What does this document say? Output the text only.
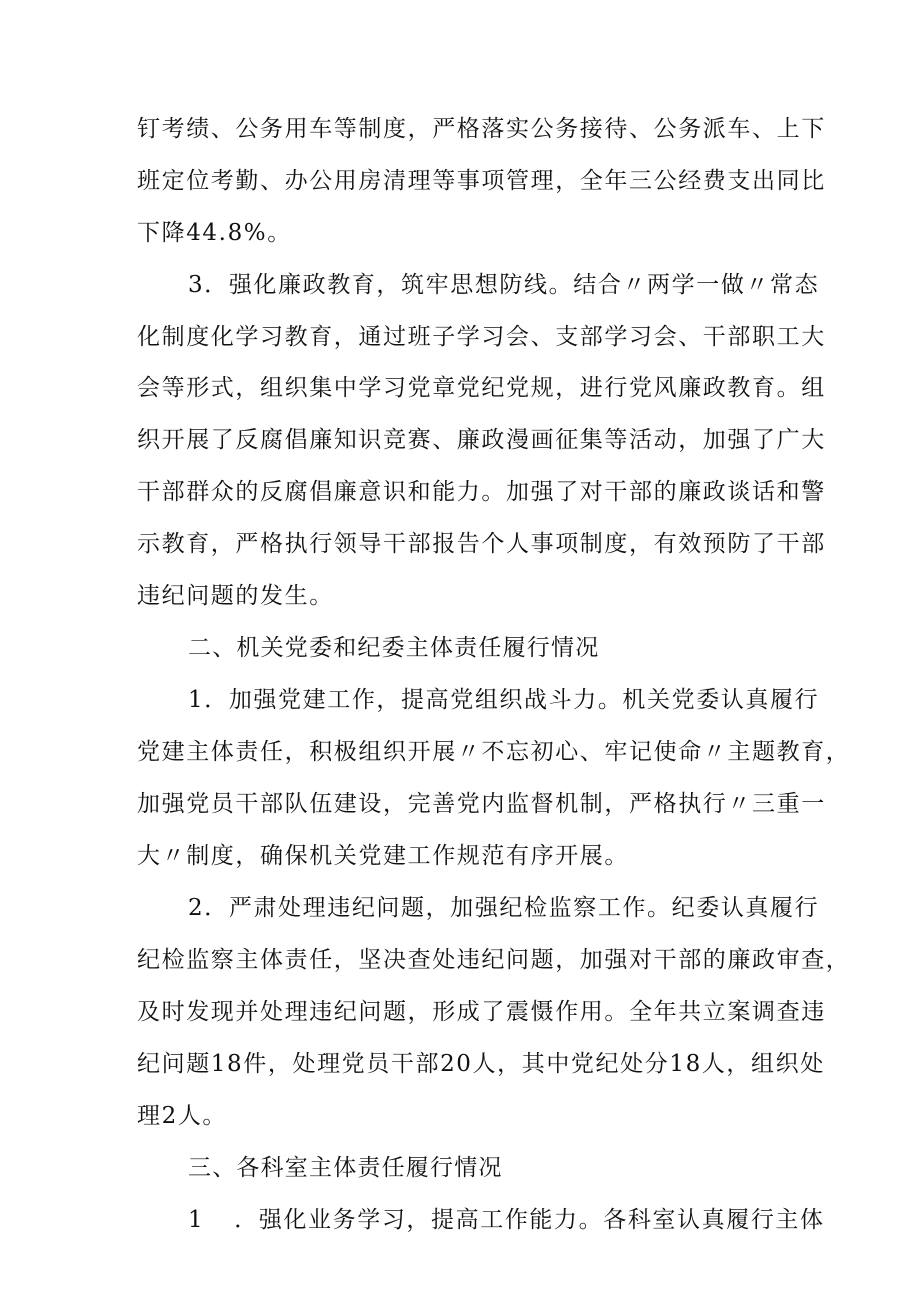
钉考绩、公务用车等制度，严格落实公务接待、公务派车、上下

班定位考勤、办公用房清理等事项管理，全年三公经费支出同比

下降44.8%。

3．强化廉政教育，筑牢思想防线。结合〃两学一做〃常态

化制度化学习教育，通过班子学习会、支部学习会、干部职工大

会等形式，组织集中学习党章党纪党规，进行党风廉政教育。组

织开展了反腐倡廉知识竞赛、廉政漫画征集等活动，加强了广大

干部群众的反腐倡廉意识和能力。加强了对干部的廉政谈话和警

示教育，严格执行领导干部报告个人事项制度，有效预防了干部

违纪问题的发生。

二、机关党委和纪委主体责任履行情况

1．加强党建工作，提高党组织战斗力。机关党委认真履行

党建主体责任，积极组织开展〃不忘初心、牢记使命〃主题教育，

加强党员干部队伍建设，完善党内监督机制，严格执行〃三重一

大〃制度，确保机关党建工作规范有序开展。

2．严肃处理违纪问题，加强纪检监察工作。纪委认真履行

纪检监察主体责任，坚决查处违纪问题，加强对干部的廉政审查，

及时发现并处理违纪问题，形成了震慑作用。全年共立案调查违

纪问题18件，处理党员干部20人，其中党纪处分18人，组织处

理2人。

三、各科室主体责任履行情况

1 ．强化业务学习，提高工作能力。各科室认真履行主体
